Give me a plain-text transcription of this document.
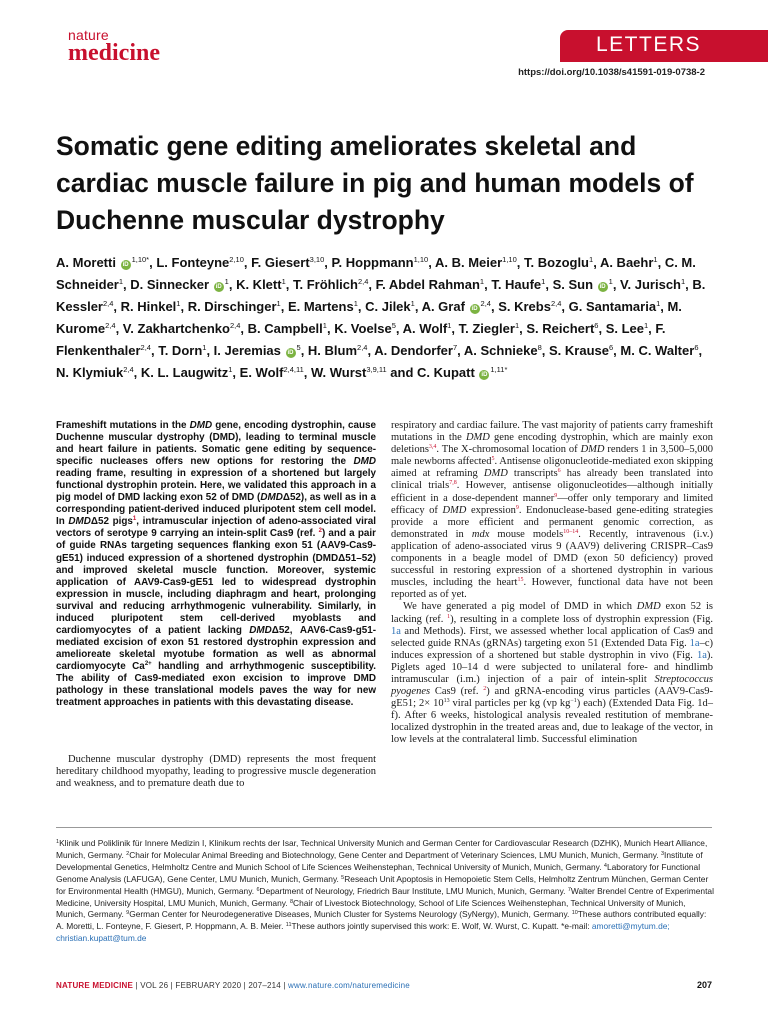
nature
medicine	LETTERS
https://doi.org/10.1038/s41591-019-0738-2
Somatic gene editing ameliorates skeletal and cardiac muscle failure in pig and human models of Duchenne muscular dystrophy
A. Moretti $iD^{1,10*}$, L. Fonteyne$^{2,10}$, F. Giesert$^{3,10}$, P. Hoppmann$^{1,10}$, A. B. Meier$^{1,10}$, T. Bozoglu$^1$, A. Baehr$^1$, C. M. Schneider$^1$, D. Sinnecker $iD^1$, K. Klett$^1$, T. Fröhlich$^{2,4}$, F. Abdel Rahman$^1$, T. Haufe$^1$, S. Sun $iD^1$, V. Jurisch$^1$, B. Kessler$^{2,4}$, R. Hinkel$^1$, R. Dirschinger$^1$, E. Martens$^1$, C. Jilek$^1$, A. Graf iD$^{2,4}$, S. Krebs$^{2,4}$, G. Santamaria$^1$, M. Kurome$^{2,4}$, V. Zakhartchenko$^{2,4}$, B. Campbell$^1$, K. Voelse$^5$, A. Wolf$^1$, T. Ziegler$^1$, S. Reichert$^6$, S. Lee$^1$, F. Flenkenthaler$^{2,4}$, T. Dorn$^1$, I. Jeremias $iD^5$, H. Blum$^{2,4}$, A. Dendorfer$^7$, A. Schnieke$^8$, S. Krause$^6$, M. C. Walter$^6$, N. Klymiuk$^{2,4}$, K. L. Laugwitz$^1$, E. Wolf$^{2,4,11}$, W. Wurst$^{3,9,11}$ and C. Kupatt $iD^{1,11*}$
Frameshift mutations in the DMD gene, encoding dystrophin, cause Duchenne muscular dystrophy (DMD), leading to terminal muscle and heart failure in patients. Somatic gene editing by sequence-specific nucleases offers new options for restoring the DMD reading frame, resulting in expression of a shortened but largely functional dystrophin protein. Here, we validated this approach in a pig model of DMD lacking exon 52 of DMD (DMDΔ52), as well as in a corresponding patient-derived induced pluripotent stem cell model. In DMDΔ52 pigs$^1$, intramuscular injection of adeno-associated viral vectors of serotype 9 carrying an intein-split Cas9 (ref. $^2$) and a pair of guide RNAs targeting sequences flanking exon 51 (AAV9-Cas9-gE51) induced expression of a shortened dystrophin (DMDΔ51–52) and improved skeletal muscle function. Moreover, systemic application of AAV9-Cas9-gE51 led to widespread dystrophin expression in muscle, including diaphragm and heart, prolonging survival and reducing arrhythmogenic vulnerability. Similarly, in induced pluripotent stem cell-derived myoblasts and cardiomyocytes of a patient lacking DMDΔ52, AAV6-Cas9-g51-mediated excision of exon 51 restored dystrophin expression and amelioreate skeletal myotube formation as well as abnormal cardiomyocyte $Ca^{2+}$ handling and arrhythmogenic susceptibility. The ability of Cas9-mediated exon excision to improve DMD pathology in these translational models paves the way for new treatment approaches in patients with this devastating disease.
Duchenne muscular dystrophy (DMD) represents the most frequent hereditary childhood myopathy, leading to progressive muscle degeneration and weakness, and to premature death due to

respiratory and cardiac failure. The vast majority of patients carry frameshift mutations in the DMD gene encoding dystrophin, which are mainly exon deletions$^{3,4}$. The X-chromosomal location of DMD renders 1 in 3,500–5,000 male newborns affected$^5$. Antisense oligonucleotide-mediated exon skipping aimed at reframing DMD transcripts$^6$ has already been translated into clinical trials$^{7,8}$. However, antisense oligonucleotides—although initially efficient in a dose-dependent manner$^9$—offer only temporary and limited efficacy of DMD expression$^9$. Endonuclease-based gene-editing strategies provide a more efficient and permanent genomic correction, as demonstrated in mdx mouse models$^{10-14}$. Recently, intravenous (i.v.) application of adeno-associated virus 9 (AAV9) delivering CRISPR–Cas9 components in a beagle model of DMD (exon 50 deficiency) proved successful in restoring expression of a shortened dystrophin in various muscles, including the heart$^{15}$. However, functional data have not been reported as of yet.

We have generated a pig model of DMD in which DMD exon 52 is lacking (ref. $^1$), resulting in a complete loss of dystrophin expression (Fig. 1a and Methods). First, we assessed whether local application of Cas9 and selected guide RNAs (gRNAs) targeting exon 51 (Extended Data Fig. 1a–c) induces expression of a shortened but stable dystrophin in vivo (Fig. 1a). Piglets aged 10–14 d were subjected to unilateral fore- and hindlimb intramuscular (i.m.) injection of a pair of intein-split Streptococcus pyogenes Cas9 (ref. $^2$) and gRNA-encoding virus particles (AAV9-Cas9-gE51; $2\times 10^{13}$ viral particles per kg (vp $kg^{-1}$) each) (Extended Data Fig. 1d–f). After 6 weeks, histological analysis revealed restitution of membrane-localized dystrophin in the treated areas and, due to leakage of the vector, in low levels at the contralateral limb. Successful elimination

$^1$Klinik und Poliklinik für Innere Medizin I, Klinikum rechts der Isar, Technical University Munich and German Center for Cardiovascular Research (DZHK), Munich Heart Alliance, Munich, Germany. $^2$Chair for Molecular Animal Breeding and Biotechnology, Gene Center and Department of Veterinary Sciences, LMU Munich, Munich, Germany. $^3$Institute of Developmental Genetics, Helmholtz Centre and Munich School of Life Sciences Weihenstephan, Technical University of Munich, Munich, Germany. $^4$Laboratory for Functional Genome Analysis (LAFUGA), Gene Center, LMU Munich, Munich, Germany. $^5$Reseach Unit Apoptosis in Hemopoietic Stem Cells, Helmholtz Zentrum München, German Center for Environmental Health (HMGU), Munich, Germany. $^6$Department of Neurology, Friedrich Baur Institute, LMU Munich, Munich, Germany. $^7$Walter Brendel Centre of Experimental Medicine, University Hospital, LMU Munich, Munich, Germany. $^8$Chair of Livestock Biotechnology, School of Life Sciences Weihenstephan, Technical University of Munich, Munich, Germany. $^9$German Center for Neurodegenerative Diseases, Munich Cluster for Systems Neurology (SyNergy), Munich, Germany. $^{10}$These authors contributed equally: A. Moretti, L. Fonteyne, F. Giesert, P. Hoppmann, A. B. Meier. $^{11}$These authors jointly supervised this work: E. Wolf, W. Wurst, C. Kupatt. *e-mail: amoretti@mytum.de; christian.kupatt@tum.de
NATURE MEDICINE | VOL 26 | FEBRUARY 2020 | 207–214 | www.nature.com/naturemedicine	207
